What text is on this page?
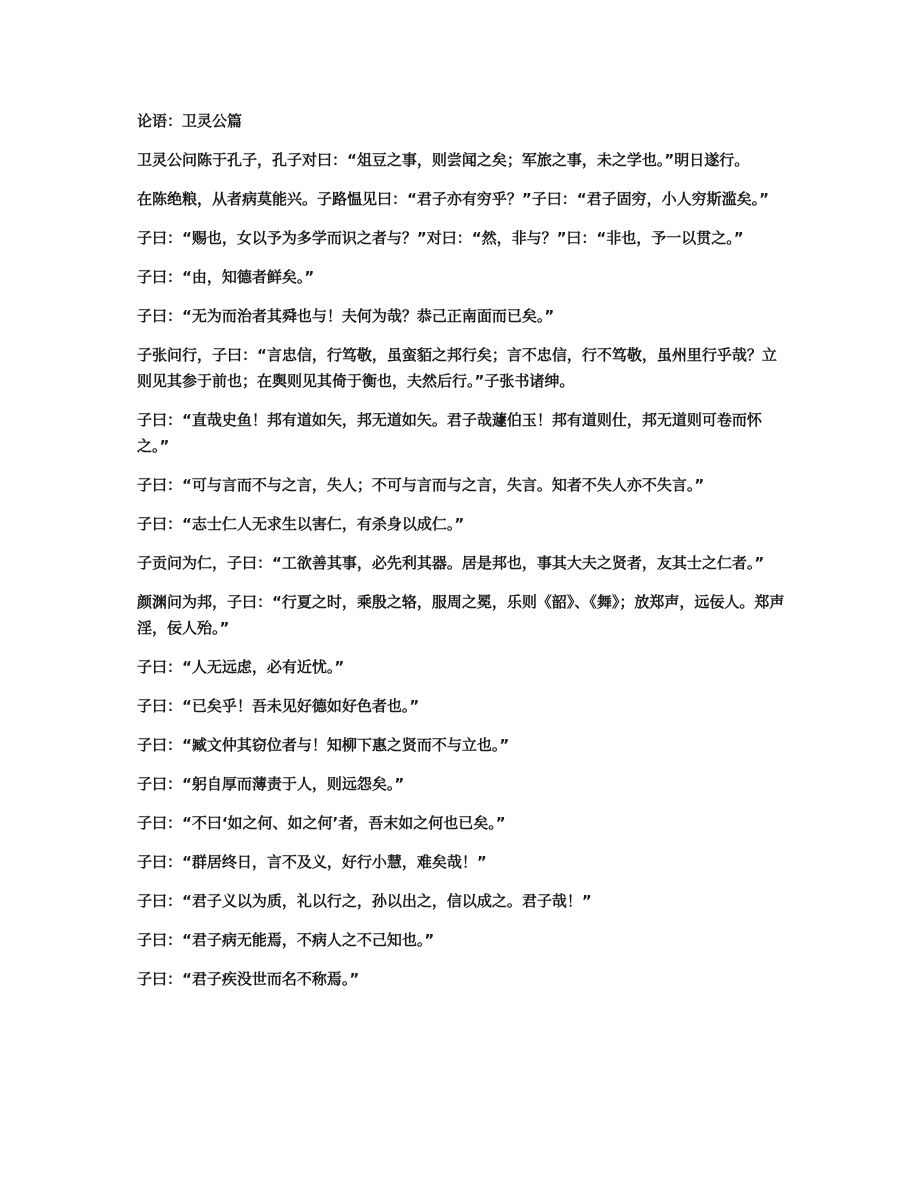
论语：卫灵公篇

卫灵公问陈于孔子，孔子对曰：“俎豆之事，则尝闻之矣；军旅之事，未之学也。”明日遂行。

在陈绝粮，从者病莫能兴。子路愠见曰：“君子亦有穷乎？”子曰：“君子固穷，小人穷斯滥矣。”

子曰：“赐也，女以予为多学而识之者与？”对曰：“然，非与？”曰：“非也，予一以贯之。”

子曰：“由，知德者鲜矣。”

子曰：“无为而治者其舜也与！夫何为哉？恭己正南面而已矣。”

子张问行，子曰：“言忠信，行笃敬，虽蛮貊之邦行矣；言不忠信，行不笃敬，虽州里行乎哉？立则见其参于前也；在舆则见其倚于衡也，夫然后行。”子张书诸绅。

子曰：“直哉史鱼！邦有道如矢，邦无道如矢。君子哉蘧伯玉！邦有道则仕，邦无道则可卷而怀之。”

子曰：“可与言而不与之言，失人；不可与言而与之言，失言。知者不失人亦不失言。”

子曰：“志士仁人无求生以害仁，有杀身以成仁。”

子贡问为仁，子曰：“工欲善其事，必先利其器。居是邦也，事其大夫之贤者，友其士之仁者。”

颜渊问为邦，子曰：“行夏之时，乘殷之辂，服周之冕，乐则《韶》、《舞》；放郑声，远佞人。郑声淫，佞人殆。”

子曰：“人无远虑，必有近忧。”

子曰：“已矣乎！吾未见好德如好色者也。”

子曰：“臧文仲其窃位者与！知柳下惠之贤而不与立也。”

子曰：“躬自厚而薄责于人，则远怨矣。”

子曰：“不曰‘如之何、如之何’者，吾末如之何也已矣。”

子曰：“群居终日，言不及义，好行小慧，难矣哉！”

子曰：“君子义以为质，礼以行之，孙以出之，信以成之。君子哉！”

子曰：“君子病无能焉，不病人之不己知也。”

子曰：“君子疾没世而名不称焉。”
